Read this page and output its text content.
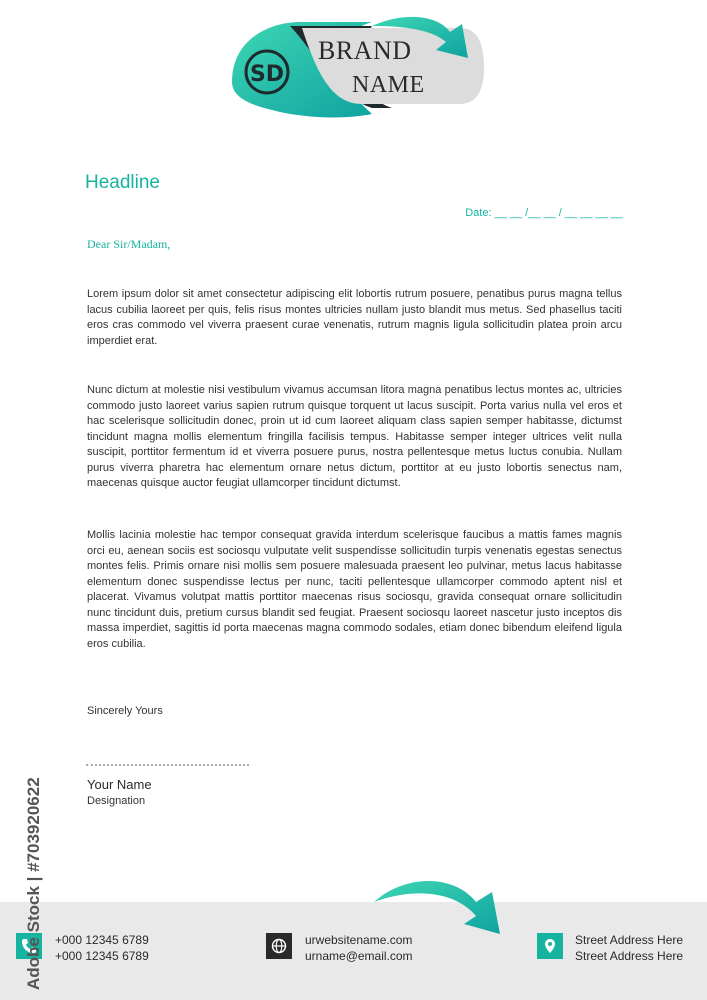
SD
BRAND
NAME
Headline
Date: __ __ /__ __ / __ __ __ __
Dear Sir/Madam,

Lorem ipsum dolor sit amet consectetur adipiscing elit lobortis rutrum posuere, penatibus purus magna tellus lacus cubilia laoreet per quis, felis risus montes ultricies nullam justo blandit mus metus. Sed phasellus taciti eros cras commodo vel viverra praesent curae venenatis, rutrum magnis ligula sollicitudin platea proin arcu imperdiet erat.

Nunc dictum at molestie nisi vestibulum vivamus accumsan litora magna penatibus lectus montes ac, ultricies commodo justo laoreet varius sapien rutrum quisque torquent ut lacus suscipit. Porta varius nulla vel eros et hac scelerisque sollicitudin donec, proin ut id cum laoreet aliquam class sapien semper habitasse, dictumst tincidunt magna mollis elementum fringilla facilisis tempus. Habitasse semper integer ultrices velit nulla suscipit, porttitor fermentum id et viverra posuere purus, nostra pellentesque metus luctus conubia. Nullam purus viverra pharetra hac elementum ornare netus dictum, porttitor at eu justo lobortis senectus nam, maecenas quisque auctor feugiat ullamcorper tincidunt dictumst.

Mollis lacinia molestie hac tempor consequat gravida interdum scelerisque faucibus a mattis fames magnis orci eu, aenean sociis est sociosqu vulputate velit suspendisse sollicitudin turpis venenatis egestas senectus montes felis. Primis ornare nisi mollis sem posuere malesuada praesent leo pulvinar, metus lacus habitasse elementum donec suspendisse lectus per nunc, taciti pellentesque ullamcorper commodo aptent nisl et placerat. Vivamus volutpat mattis porttitor maecenas risus sociosqu, gravida consequat ornare sollicitudin nunc tincidunt duis, pretium cursus blandit sed feugiat. Praesent sociosqu laoreet nascetur justo inceptos dis massa imperdiet, sagittis id porta maecenas magna commodo sodales, etiam donec bibendum eleifend ligula eros cubilia.

Sincerely Yours
Your Name
Designation
+000 12345 6789
+000 12345 6789
urwebsitename.com
urname@email.com
Street Address Here
Street Address Here
Adobe Stock | #703920622
